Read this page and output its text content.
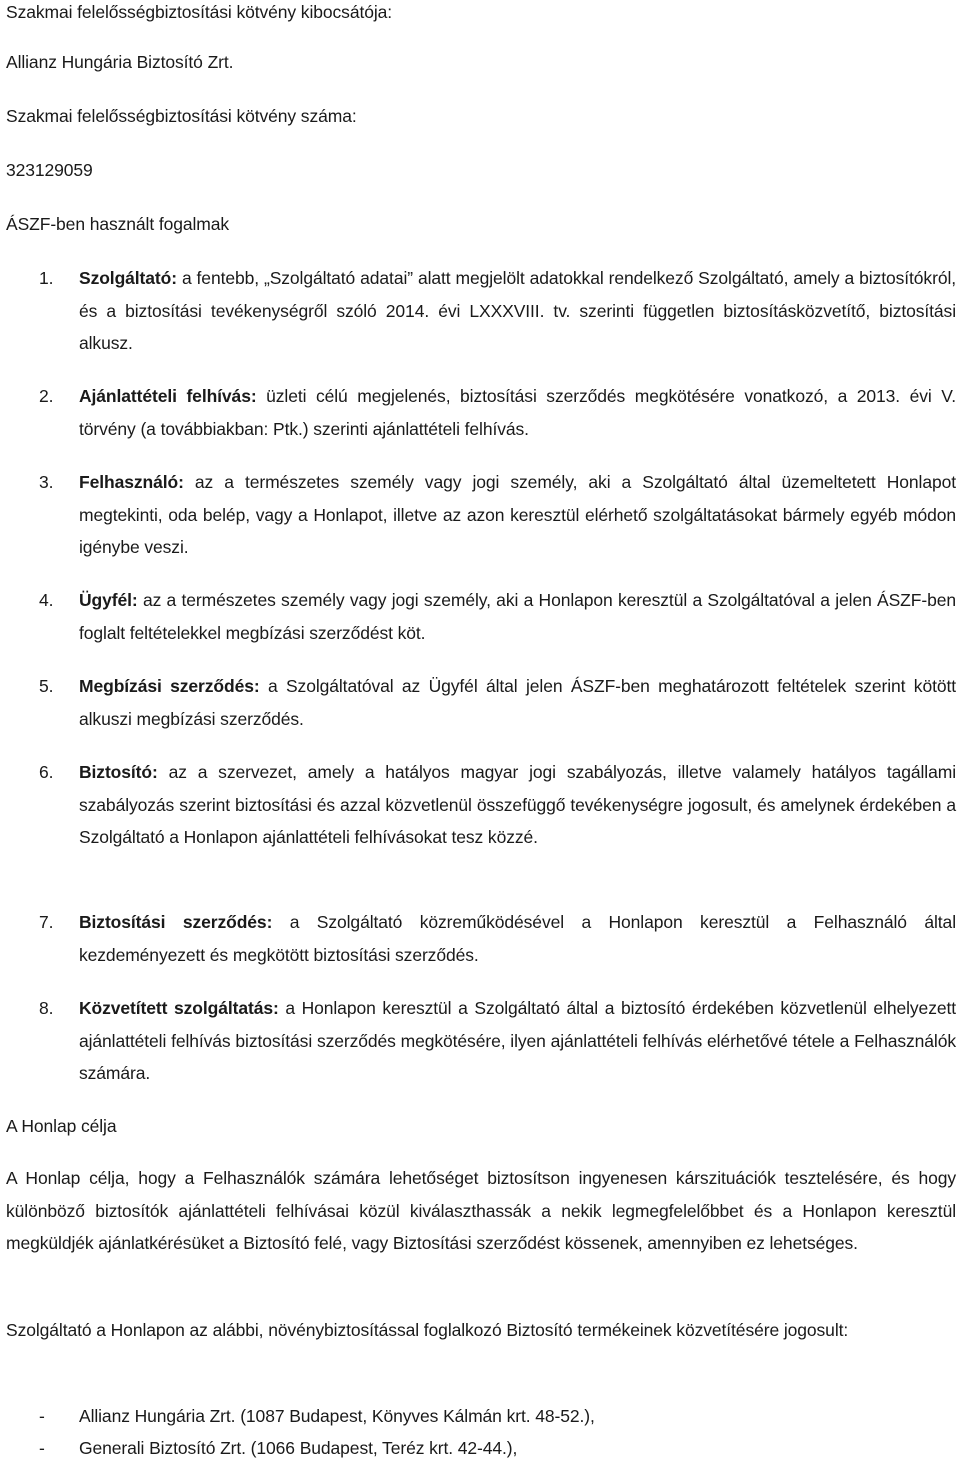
Szakmai felelősségbiztosítási kötvény kibocsátója:
Allianz Hungária Biztosító Zrt.
Szakmai felelősségbiztosítási kötvény száma:
323129059
ÁSZF-ben használt fogalmak
1. Szolgáltató: a fentebb, „Szolgáltató adatai” alatt megjelölt adatokkal rendelkező Szolgáltató, amely a biztosítókról, és a biztosítási tevékenységről szóló 2014. évi LXXXVIII. tv. szerinti független biztosításközvetítő, biztosítási alkusz.
2. Ajánlattételi felhívás: üzleti célú megjelenés, biztosítási szerződés megkötésére vonatkozó, a 2013. évi V. törvény (a továbbiakban: Ptk.) szerinti ajánlattételi felhívás.
3. Felhasználó: az a természetes személy vagy jogi személy, aki a Szolgáltató által üzemeltetett Honlapot megtekinti, oda belép, vagy a Honlapot, illetve az azon keresztül elérhető szolgáltatásokat bármely egyéb módon igénybe veszi.
4. Ügyfél: az a természetes személy vagy jogi személy, aki a Honlapon keresztül a Szolgáltatóval a jelen ÁSZF-ben foglalt feltételekkel megbízási szerződést köt.
5. Megbízási szerződés: a Szolgáltatóval az Ügyfél által jelen ÁSZF-ben meghatározott feltételek szerint kötött alkuszi megbízási szerződés.
6. Biztosító: az a szervezet, amely a hatályos magyar jogi szabályozás, illetve valamely hatályos tagállami szabályozás szerint biztosítási és azzal közvetlenül összefüggő tevékenységre jogosult, és amelynek érdekében a Szolgáltató a Honlapon ajánlattételi felhívásokat tesz közzé.
7. Biztosítási szerződés: a Szolgáltató közreműködésével a Honlapon keresztül a Felhasználó által kezdeményezett és megkötött biztosítási szerződés.
8. Közvetített szolgáltatás: a Honlapon keresztül a Szolgáltató által a biztosító érdekében közvetlenül elhelyezett ajánlattételi felhívás biztosítási szerződés megkötésére, ilyen ajánlattételi felhívás elérhetővé tétele a Felhasználók számára.
A Honlap célja
A Honlap célja, hogy a Felhasználók számára lehetőséget biztosítson ingyenesen kárszituációk tesztelésére, és hogy különböző biztosítók ajánlattételi felhívásai közül kiválaszthassák a nekik legmegfelelőbbet és a Honlapon keresztül megküldjék ajánlatkérésüket a Biztosító felé, vagy Biztosítási szerződést kössenek, amennyiben ez lehetséges.
Szolgáltató a Honlapon az alábbi, növénybiztosítással foglalkozó Biztosító termékeinek közvetítésére jogosult:
- Allianz Hungária Zrt. (1087 Budapest, Könyves Kálmán krt. 48-52.),
- Generali Biztosító Zrt. (1066 Budapest, Teréz krt. 42-44.),
